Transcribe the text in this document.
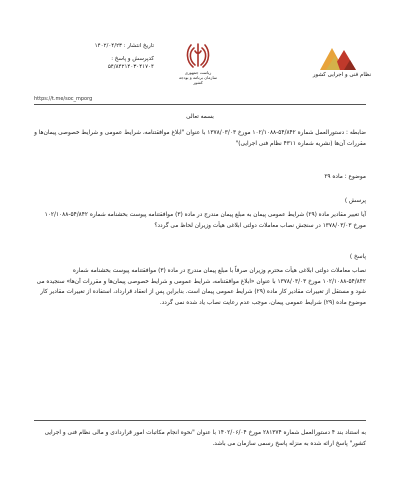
تاریخ انتشار : ۱۴۰۲/۰۴/۲۳
کدپرسش و پاسخ :
۵۴/۸۴۲۱۴۰۳۰۴۱۷۰۴
https://t.me/soc_mporg
ریاست جمهوری سازمان برنامه و بودجه کشور
نظام فنی و اجرایی کشور
بسمه تعالی
ضابطه : دستورالعمل شماره ۵۴/۸۴۲-۱۰۲/۱۰۸۸ مورخ ۱۳۷۸/۰۳/۰۳ با عنوان "ابلاغ موافقتنامه، شرایط عمومی و شرایط خصوصی پیمان‌ها و مقررات آن‌ها (نشریه شماره ۴۳۱۱ نظام فنی اجرایی)"
موضوع : ماده ۲۹
پرسش )
آیا تغییر مقادیر ماده (۲۹) شرایط عمومی پیمان به مبلغ پیمان مندرج در ماده (۳) موافقتنامه پیوست بخشنامه شماره ۵۴/۸۴۲-۱۰۲/۱۰۸۸ مورخ ۱۳۷۸/۰۳/۰۳ در سنجش نصاب معاملات دولتی ابلاغی هیأت وزیران لحاظ می گردد؟
پاسخ )
نصاب معاملات دولتی ابلاغی هیأت محترم وزیران صرفاً با مبلغ پیمان مندرج در ماده (۳) موافقتنامه پیوست بخشنامه شماره ۵۴/۸۴۲-۱۰۲/۱۰۸۸ مورخ ۱۳۷۸/۰۳/۰۳ با عنوان «ابلاغ موافقتنامه، شرایط عمومی و شرایط خصوصی پیمان‌ها و مقررات آن‌ها» سنجیده می شود و مستقل از تغییرات مقادیر کار ماده (۲۹) شرایط عمومی پیمان است. بنابراین پس از انعقاد قرارداد، استفاده از تغییرات مقادیر کار موضوع ماده (۲۹) شرایط عمومی پیمان، موجب عدم رعایت نصاب یاد شده نمی گردد.
به استناد بند ۴ دستورالعمل شماره ۲۸۱۳۷۴ مورخ ۱۴۰۲/۰۶/۰۴ با عنوان "نحوه انجام مکاتبات امور قراردادی و مالی نظام فنی و اجرایی کشور" پاسخ ارائه شده به منزله پاسخ رسمی سازمان می باشد.
